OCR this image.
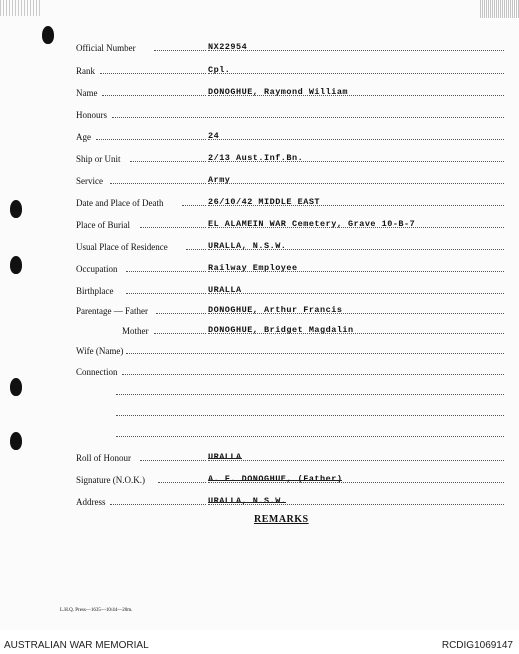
Official Number	NX22954
Rank	Cpl.
Name	DONOGHUE, Raymond William
Honours
Age	24
Ship or Unit	2/13 Aust.Inf.Bn.
Service	Army
Date and Place of Death	26/10/42 MIDDLE EAST
Place of Burial	EL ALAMEIN WAR Cemetery, Grave 10-B-7
Usual Place of Residence	URALLA, N.S.W.
Occupation	Railway Employee
Birthplace	URALLA
Parentage — Father	DONOGHUE, Arthur Francis
Mother	DONOGHUE, Bridget Magdalin
Wife (Name)
Connection
Roll of Honour	URALLA
Signature (N.O.K.)	A. F. DONOGHUE, (Father)
Address	URALLA, N.S.W.
REMARKS
L.H.Q. Press—1635—10/44—20m.
AUSTRALIAN WAR MEMORIAL	RCDIG1069147
